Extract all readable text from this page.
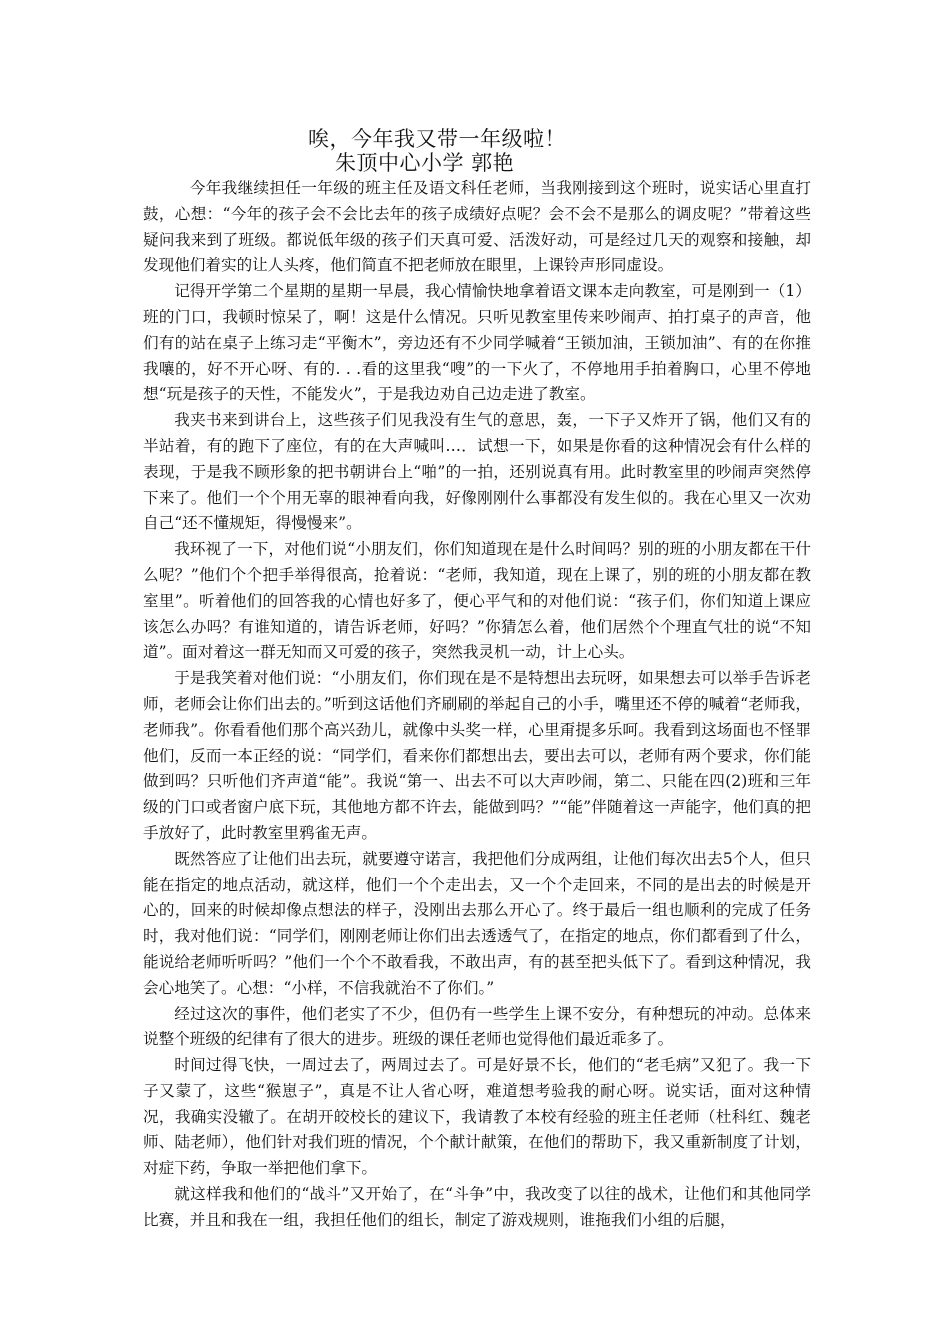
唉，今年我又带一年级啦！
朱顶中心小学 郭艳

今年我继续担任一年级的班主任及语文科任老师，当我刚接到这个班时，说实话心里直打鼓，心想：“今年的孩子会不会比去年的孩子成绩好点呢？会不会不是那么的调皮呢？”带着这些疑问我来到了班级。都说低年级的孩子们天真可爱、活泼好动，可是经过几天的观察和接触，却发现他们着实的让人头疼，他们简直不把老师放在眼里，上课铃声形同虚设。

记得开学第二个星期的星期一早晨，我心情愉快地拿着语文课本走向教室，可是刚到一（1）班的门口，我顿时惊呆了，啊！这是什么情况。只听见教室里传来吵闹声、拍打桌子的声音，他们有的站在桌子上练习走“平衡木”，旁边还有不少同学喊着“王锁加油，王锁加油”、有的在你推我嚷的，好不开心呀、有的. . .看的这里我“嗖”的一下火了，不停地用手拍着胸口，心里不停地想“玩是孩子的天性，不能发火”，于是我边劝自己边走进了教室。

我夹书来到讲台上，这些孩子们见我没有生气的意思，轰，一下子又炸开了锅，他们又有的半站着，有的跑下了座位，有的在大声喊叫…．试想一下，如果是你看的这种情况会有什么样的表现，于是我不顾形象的把书朝讲台上“啪”的一拍，还别说真有用。此时教室里的吵闹声突然停下来了。他们一个个用无辜的眼神看向我，好像刚刚什么事都没有发生似的。我在心里又一次劝自己“还不懂规矩，得慢慢来”。

我环视了一下，对他们说“小朋友们，你们知道现在是什么时间吗？别的班的小朋友都在干什么呢？”他们个个把手举得很高，抢着说：“老师，我知道，现在上课了，别的班的小朋友都在教室里”。听着他们的回答我的心情也好多了，便心平气和的对他们说：“孩子们，你们知道上课应该怎么办吗？有谁知道的，请告诉老师，好吗？”你猜怎么着，他们居然个个理直气壮的说“不知道”。面对着这一群无知而又可爱的孩子，突然我灵机一动，计上心头。

于是我笑着对他们说：“小朋友们，你们现在是不是特想出去玩呀，如果想去可以举手告诉老师，老师会让你们出去的。”听到这话他们齐刷刷的举起自己的小手，嘴里还不停的喊着“老师我，老师我”。你看看他们那个高兴劲儿，就像中头奖一样，心里甭提多乐呵。我看到这场面也不怪罪他们，反而一本正经的说：“同学们，看来你们都想出去，要出去可以，老师有两个要求，你们能做到吗？只听他们齐声道“能”。我说“第一、出去不可以大声吵闹，第二、只能在四(2)班和三年级的门口或者窗户底下玩，其他地方都不许去，能做到吗？”“能”伴随着这一声能字，他们真的把手放好了，此时教室里鸦雀无声。

既然答应了让他们出去玩，就要遵守诺言，我把他们分成两组，让他们每次出去5个人，但只能在指定的地点活动，就这样，他们一个个走出去，又一个个走回来，不同的是出去的时候是开心的，回来的时候却像点想法的样子，没刚出去那么开心了。终于最后一组也顺利的完成了任务时，我对他们说：“同学们，刚刚老师让你们出去透透气了，在指定的地点，你们都看到了什么，能说给老师听听吗？”他们一个个不敢看我，不敢出声，有的甚至把头低下了。看到这种情况，我会心地笑了。心想：“小样，不信我就治不了你们。”

经过这次的事件，他们老实了不少，但仍有一些学生上课不安分，有种想玩的冲动。总体来说整个班级的纪律有了很大的进步。班级的课任老师也觉得他们最近乖多了。

时间过得飞快，一周过去了，两周过去了。可是好景不长，他们的“老毛病”又犯了。我一下子又蒙了，这些“猴崽子”，真是不让人省心呀，难道想考验我的耐心呀。说实话，面对这种情况，我确实没辙了。在胡开皎校长的建议下，我请教了本校有经验的班主任老师（杜科红、魏老师、陆老师），他们针对我们班的情况，个个献计献策，在他们的帮助下，我又重新制度了计划，对症下药，争取一举把他们拿下。

就这样我和他们的“战斗”又开始了，在“斗争”中，我改变了以往的战术，让他们和其他同学比赛，并且和我在一组，我担任他们的组长，制定了游戏规则，谁拖我们小组的后腿，
